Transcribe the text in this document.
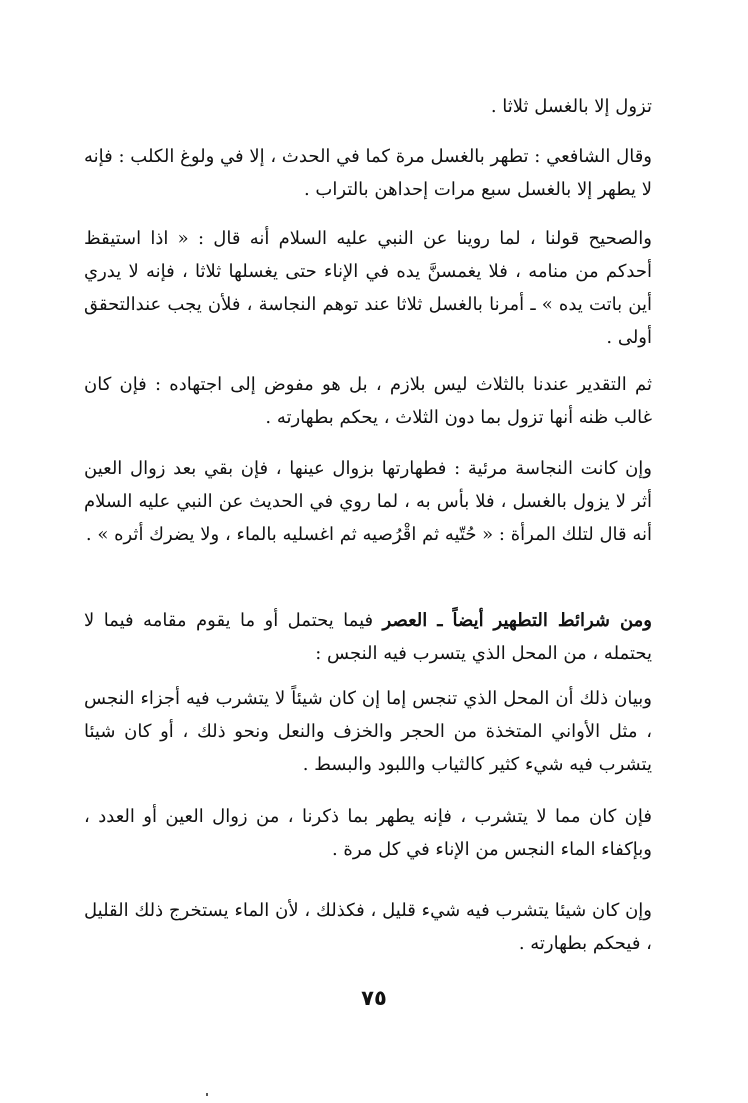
تزول إلا بالغسل ثلاثا .

وقال الشافعي : تطهر بالغسل مرة كما في الحدث ، إلا في ولوغ الكلب : فإنه لا يطهر إلا بالغسل سبع مرات إحداهن بالتراب .

والصحيح قولنا ، لما روينا عن النبي عليه السلام أنه قال : « اذا استيقظ أحدكم من منامه ، فلا يغمسنَّ يده في الإناء حتى يغسلها ثلاثا ، فإنه لا يدري أين باتت يده » ـ أمرنا بالغسل ثلاثا عند توهم النجاسة ، فلأن يجب عندالتحقق أولى .

ثم التقدير عندنا بالثلاث ليس بلازم ، بل هو مفوض إلى اجتهاده : فإن كان غالب ظنه أنها تزول بما دون الثلاث ، يحكم بطهارته .

وإن كانت النجاسة مرئية : فطهارتها بزوال عينها ، فإن بقي بعد زوال العين أثر لا يزول بالغسل ، فلا بأس به ، لما روي في الحديث عن النبي عليه السلام أنه قال لتلك المرأة : « حُتّيه ثم اقْرُصيه ثم اغسليه بالماء ، ولا يضرك أثره » .

ومن شرائط التطهير أيضاً ـ العصر فيما يحتمل أو ما يقوم مقامه فيما لا يحتمله ، من المحل الذي يتسرب فيه النجس :

وبيان ذلك أن المحل الذي تنجس إما إن كان شيئاً لا يتشرب فيه أجزاء النجس ، مثل الأواني المتخذة من الحجر والخزف والنعل ونحو ذلك ، أو كان شيئا يتشرب فيه شيء كثير كالثياب واللبود والبسط .

فإن كان مما لا يتشرب ، فإنه يطهر بما ذكرنا ، من زوال العين أو العدد ، وبإكفاء الماء النجس من الإناء في كل مرة .

وإن كان شيئا يتشرب فيه شيء قليل ، فكذلك ، لأن الماء يستخرج ذلك القليل ، فيحكم بطهارته .

٧٥
